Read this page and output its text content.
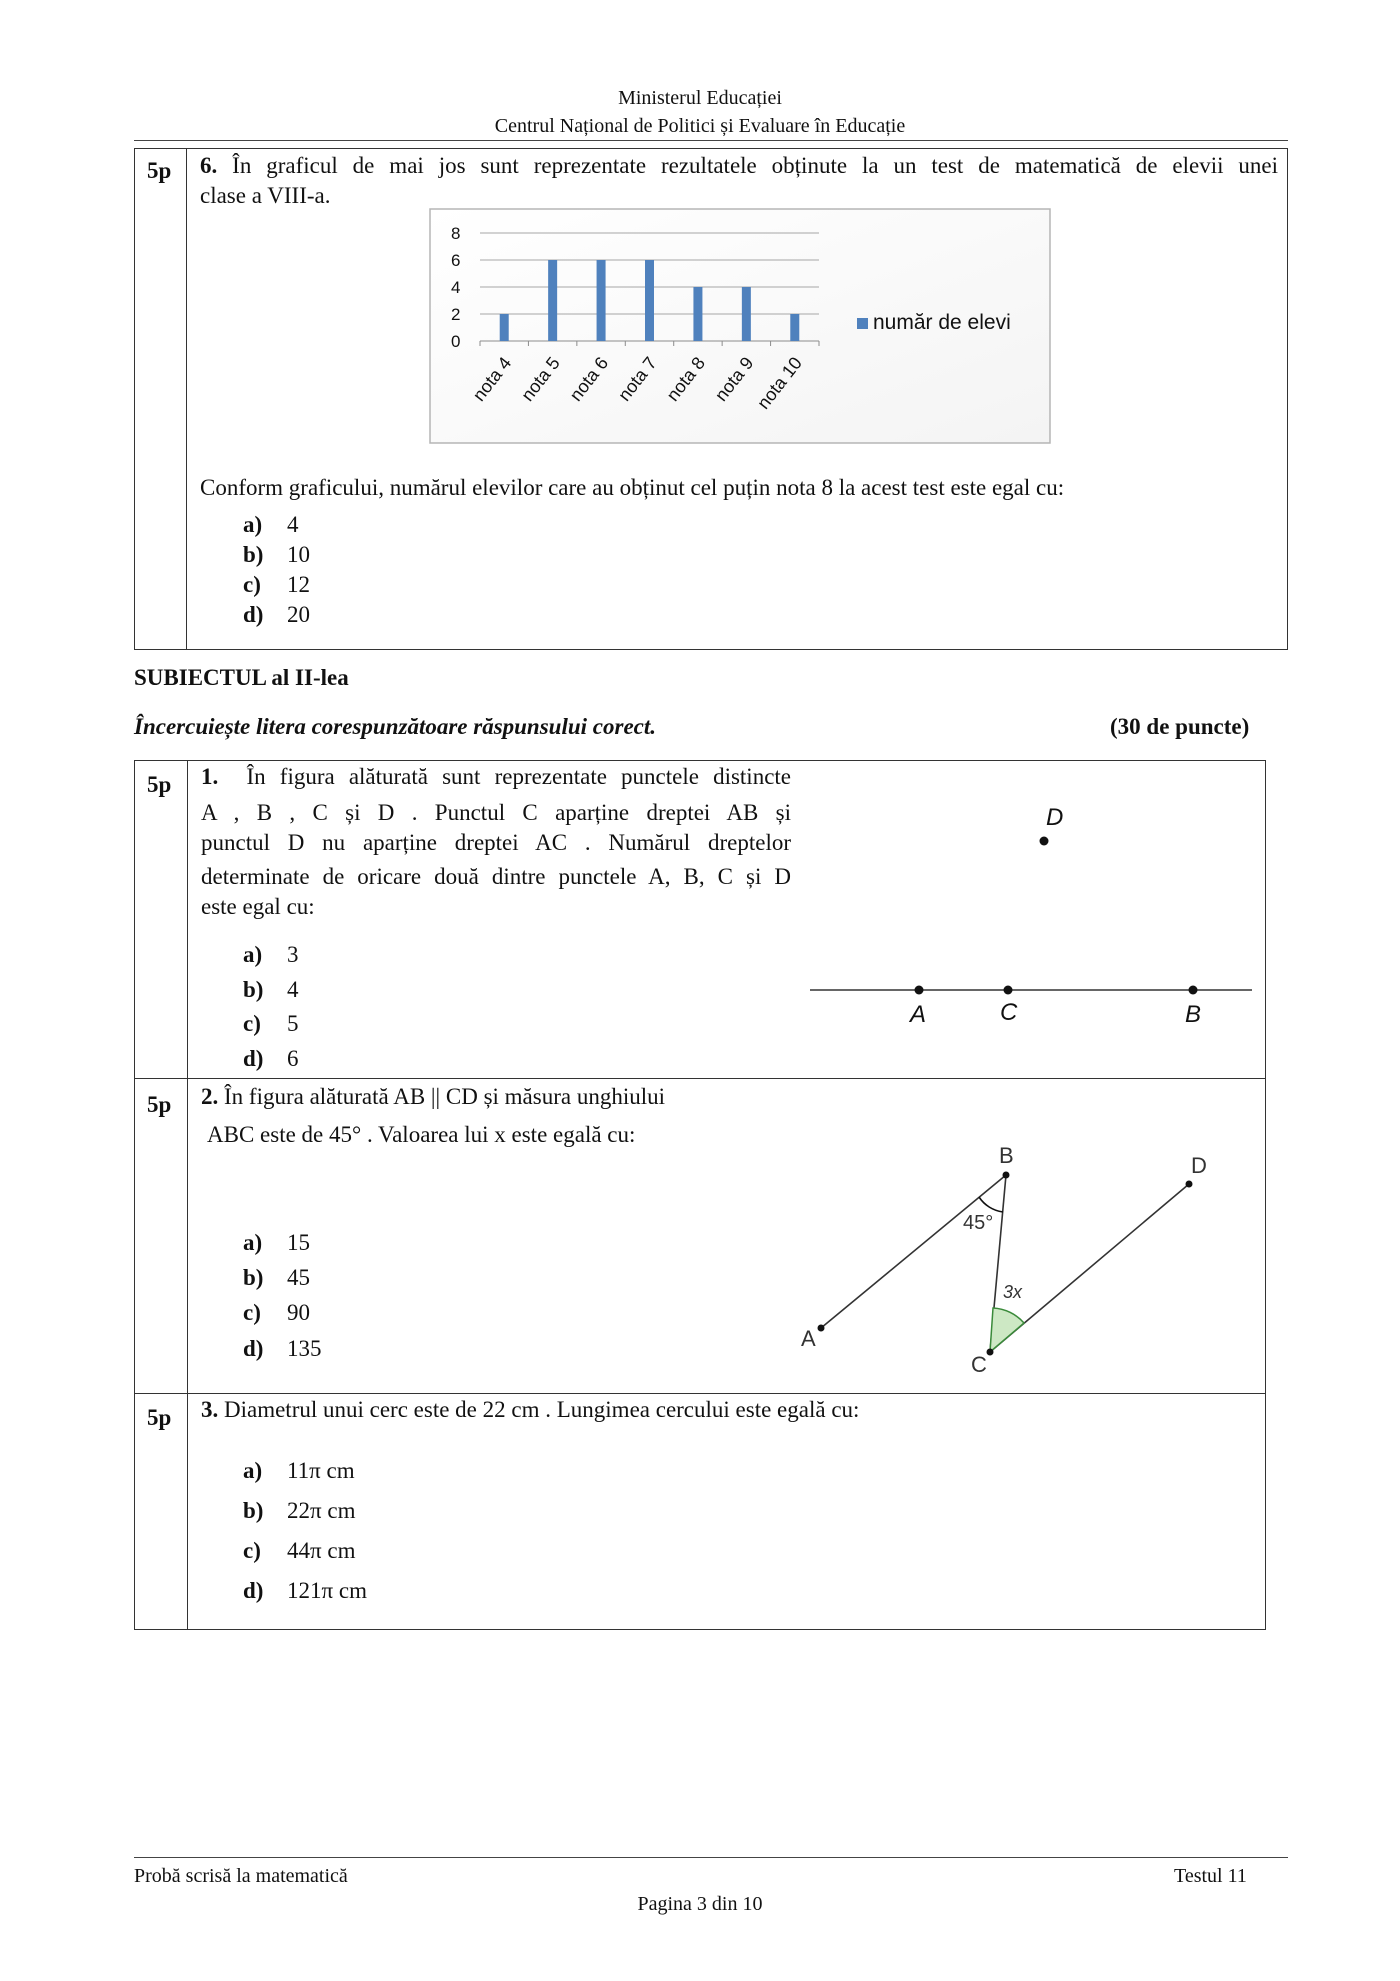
Ministerul Educației
Centrul Național de Politici și Evaluare în Educație
5p 6. În graficul de mai jos sunt reprezentate rezultatele obținute la un test de matematică de elevii unei
clase a VIII-a.
0
2
4
6
8
nota 4 nota 5 nota 6 nota 7 nota 8 nota 9
nota 10
număr de elevi
Conform graficului, numărul elevilor care au obținut cel puțin nota 8 la acest test este egal cu:
a) 4
b) 10
c) 12
d) 20
SUBIECTUL al II-lea
Încercuiește litera corespunzătoare răspunsului corect.	(30 de puncte)
5p 1. În figura alăturată sunt reprezentate punctele distincte
A , B , C și D . Punctul C aparține dreptei AB și
punctul D nu aparține dreptei AC . Numărul dreptelor
determinate de oricare două dintre punctele A, B, C și D
este egal cu:
a) 3
b) 4
c) 5
d) 6
A	C	B
D
5p 2. În figura alăturată AB || CD și măsura unghiului
ABC este de 45° . Valoarea lui x este egală cu:
a) 15
b) 45
c) 90
d) 135	A
B
C
D
45°
3x
5p 3. Diametrul unui cerc este de 22 cm . Lungimea cercului este egală cu:
a) 11π cm
b) 22π cm
c) 44π cm
d) 121π cm
Probă scrisă la matematică	Testul 11
Pagina 3 din 10
